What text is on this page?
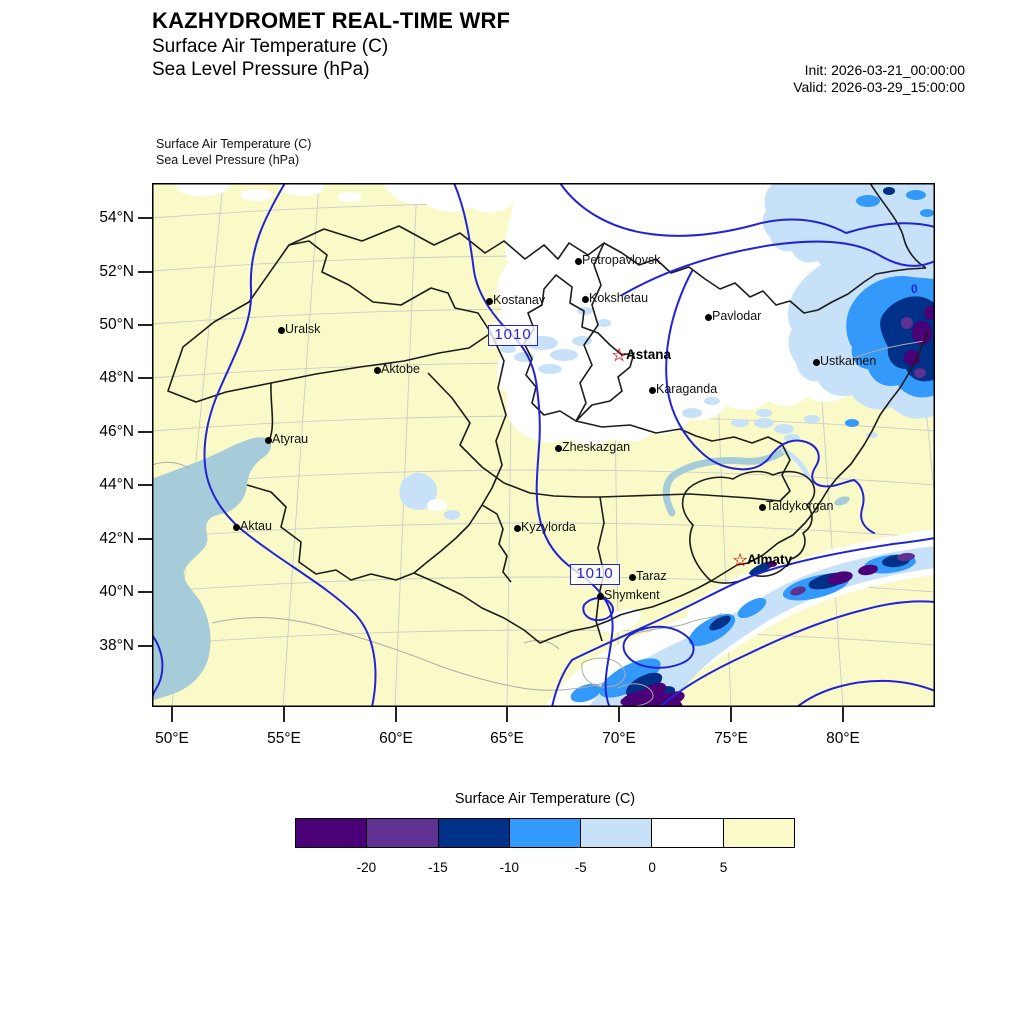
KAZHYDROMET REAL-TIME WRF
Surface Air Temperature (C)
Sea Level Pressure (hPa)	Init: 2026-03-21_00:00:00
Valid: 2026-03-29_15:00:00
Surface Air Temperature (C)
Sea Level Pressure (hPa)
54°N
52°N
50°N
48°N
46°N
44°N
42°N
40°N
38°N
50°E	55°E	60°E	65°E	70°E	75°E	80°E
Uralsk
Aktobe
Atyrau
Aktau
Kostanay
Petropavlovsk
Kokshetau
Pavlodar
☆
Astana
Karaganda
Zheskazgan
Kyzylorda
Taraz
Shymkent
Taldykorgan
Ustkamen
☆
Almaty
1010
1010
0
Surface Air Temperature (C)
-20	-15	-10	-5	0	5
